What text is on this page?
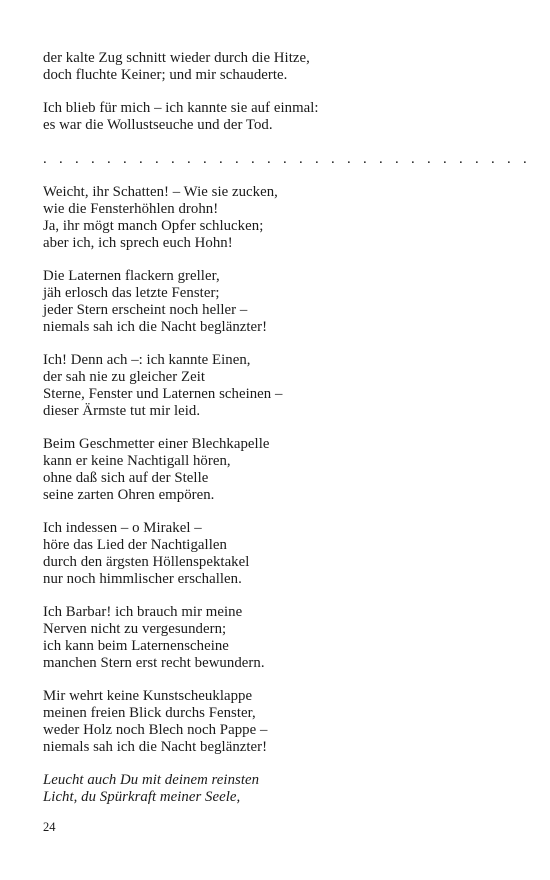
der kalte Zug schnitt wieder durch die Hitze,
doch fluchte Keiner; und mir schauderte.
Ich blieb für mich – ich kannte sie auf einmal:
es war die Wollustseuche und der Tod.
. . . . . . . . . . . . . . . . . . . . . . . . . . . . . . .
Weicht, ihr Schatten! – Wie sie zucken,
wie die Fensterhöhlen drohn!
Ja, ihr mögt manch Opfer schlucken;
aber ich, ich sprech euch Hohn!
Die Laternen flackern greller,
jäh erlosch das letzte Fenster;
jeder Stern erscheint noch heller –
niemals sah ich die Nacht beglänzter!
Ich! Denn ach –: ich kannte Einen,
der sah nie zu gleicher Zeit
Sterne, Fenster und Laternen scheinen –
dieser Ärmste tut mir leid.
Beim Geschmetter einer Blechkapelle
kann er keine Nachtigall hören,
ohne daß sich auf der Stelle
seine zarten Ohren empören.
Ich indessen – o Mirakel –
höre das Lied der Nachtigallen
durch den ärgsten Höllenspektakel
nur noch himmlischer erschallen.
Ich Barbar! ich brauch mir meine
Nerven nicht zu vergesundern;
ich kann beim Laternenscheine
manchen Stern erst recht bewundern.
Mir wehrt keine Kunstscheuklappe
meinen freien Blick durchs Fenster,
weder Holz noch Blech noch Pappe –
niemals sah ich die Nacht beglänzter!
Leucht auch Du mit deinem reinsten
Licht, du Spürkraft meiner Seele,
24
